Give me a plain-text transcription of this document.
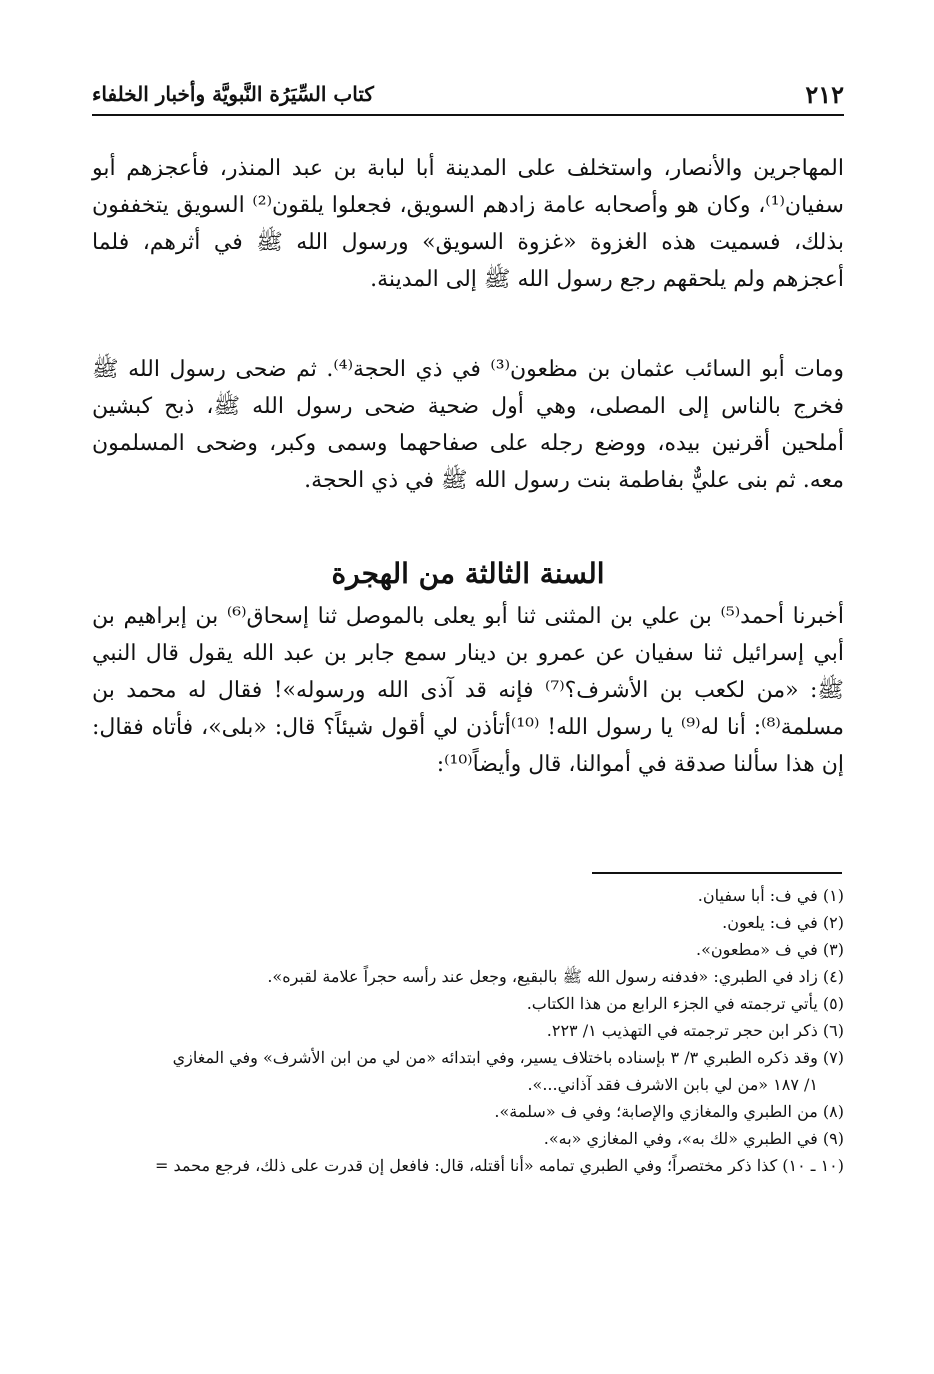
٢١٢
كتاب السِّيَرُة النَّبويَّة وأخبار الخلفاء

المهاجرين والأنصار، واستخلف على المدينة أبا لبابة بن عبد المنذر، فأعجزهم أبو سفيان⁽¹⁾، وكان هو وأصحابه عامة زادهم السويق، فجعلوا يلقون⁽²⁾ السويق يتخففون بذلك، فسميت هذه الغزوة «غزوة السويق» ورسول الله ﷺ في أثرهم، فلما أعجزهم ولم يلحقهم رجع رسول الله ﷺ إلى المدينة.

ومات أبو السائب عثمان بن مظعون⁽³⁾ في ذي الحجة⁽⁴⁾. ثم ضحى رسول الله ﷺ فخرج بالناس إلى المصلى، وهي أول ضحية ضحى رسول الله ﷺ، ذبح كبشين أملحين أقرنين بيده، ووضع رجله على صفاحهما وسمى وكبر، وضحى المسلمون معه. ثم بنى عليٌّ بفاطمة بنت رسول الله ﷺ في ذي الحجة.

السنة الثالثة من الهجرة

أخبرنا أحمد⁽⁵⁾ بن علي بن المثنى ثنا أبو يعلى بالموصل ثنا إسحاق⁽⁶⁾ بن إبراهيم بن أبي إسرائيل ثنا سفيان عن عمرو بن دينار سمع جابر بن عبد الله يقول قال النبي ﷺ: «من لكعب بن الأشرف؟⁽⁷⁾ فإنه قد آذى الله ورسوله»! فقال له محمد بن مسلمة⁽⁸⁾: أنا له⁽⁹⁾ يا رسول الله! ⁽¹⁰⁾أتأذن لي أقول شيئاً؟ قال: «بلى»، فأتاه فقال: إن هذا سألنا صدقة في أموالنا، قال وأيضاً⁽¹⁰⁾:

(١) في ف: أبا سفيان.
(٢) في ف: يلعون.
(٣) في ف «مطعون».
(٤) زاد في الطبري: «فدفنه رسول الله ﷺ بالبقيع، وجعل عند رأسه حجراً علامة لقبره».
(٥) يأتي ترجمته في الجزء الرابع من هذا الكتاب.
(٦) ذكر ابن حجر ترجمته في التهذيب ١/ ٢٢٣.
(٧) وقد ذكره الطبري ٣/ ٣ بإسناده باختلاف يسير، وفي ابتدائه «من لي من ابن الأشرف» وفي المغازي
١/ ١٨٧ «من لي بابن الاشرف فقد آذاني...».
(٨) من الطبري والمغازي والإصابة؛ وفي ف «سلمة».
(٩) في الطبري «لك به»، وفي المغازي «به».
(١٠ ـ ١٠) كذا ذكر مختصراً؛ وفي الطبري تمامه «أنا أقتله، قال: فافعل إن قدرت على ذلك، فرجع محمد =
